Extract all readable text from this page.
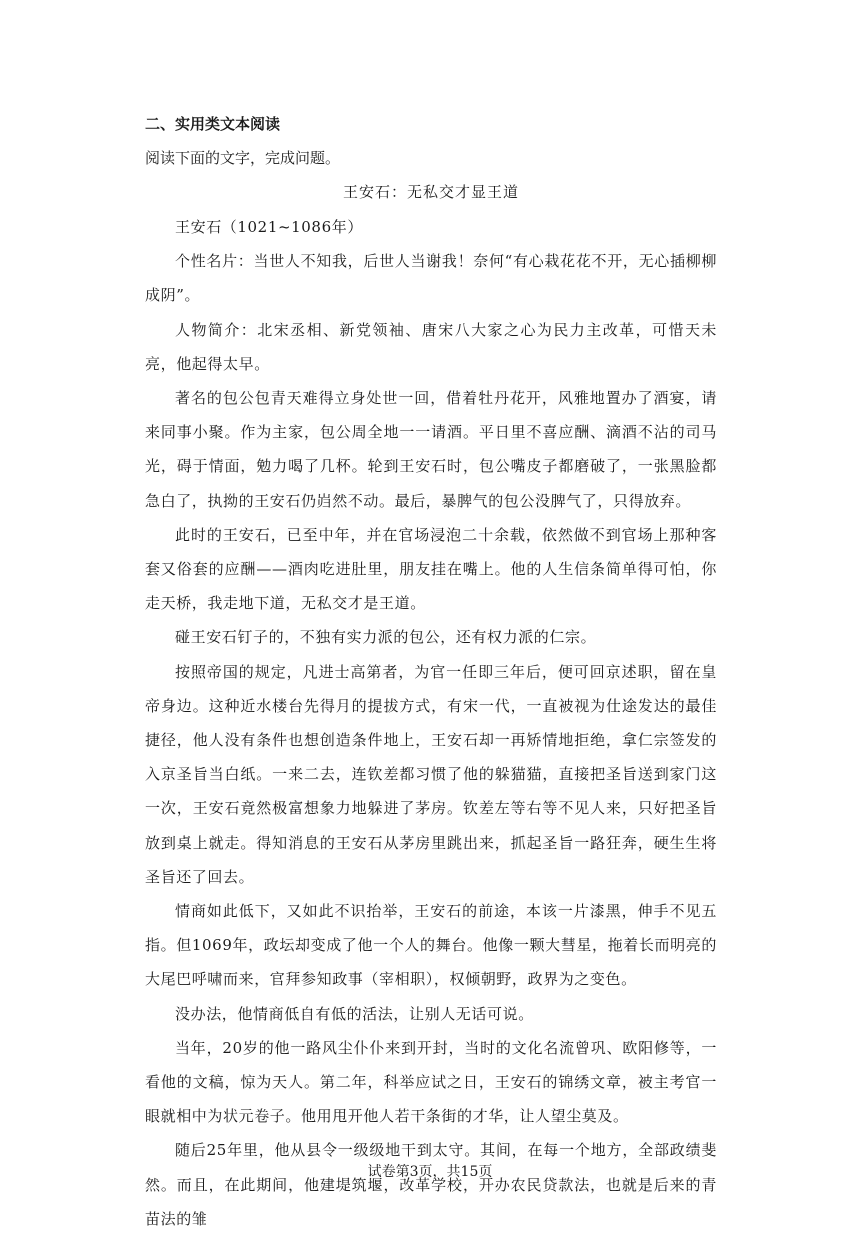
二、实用类文本阅读
阅读下面的文字，完成问题。
王安石：无私交才显王道
王安石（1021~1086年）
个性名片：当世人不知我，后世人当谢我！奈何“有心栽花花不开，无心插柳柳成阴”。
人物简介：北宋丞相、新党领袖、唐宋八大家之心为民力主改革，可惜天未亮，他起得太早。
著名的包公包青天难得立身处世一回，借着牡丹花开，风雅地置办了酒宴，请来同事小聚。作为主家，包公周全地一一请酒。平日里不喜应酬、滴酒不沾的司马光，碍于情面，勉力喝了几杯。轮到王安石时，包公嘴皮子都磨破了，一张黑脸都急白了，执拗的王安石仍岿然不动。最后，暴脾气的包公没脾气了，只得放弃。
此时的王安石，已至中年，并在官场浸泡二十余载，依然做不到官场上那种客套又俗套的应酬——酒肉吃进肚里，朋友挂在嘴上。他的人生信条简单得可怕，你走天桥，我走地下道，无私交才是王道。
碰王安石钉子的，不独有实力派的包公，还有权力派的仁宗。
按照帝国的规定，凡进士高第者，为官一任即三年后，便可回京述职，留在皇帝身边。这种近水楼台先得月的提拔方式，有宋一代，一直被视为仕途发达的最佳捷径，他人没有条件也想创造条件地上，王安石却一再矫情地拒绝，拿仁宗签发的入京圣旨当白纸。一来二去，连钦差都习惯了他的躲猫猫，直接把圣旨送到家门这一次，王安石竟然极富想象力地躲进了茅房。钦差左等右等不见人来，只好把圣旨放到桌上就走。得知消息的王安石从茅房里跳出来，抓起圣旨一路狂奔，硬生生将圣旨还了回去。
情商如此低下，又如此不识抬举，王安石的前途，本该一片漆黑，伸手不见五指。但1069年，政坛却变成了他一个人的舞台。他像一颗大彗星，拖着长而明亮的大尾巴呼啸而来，官拜参知政事（宰相职），权倾朝野，政界为之变色。
没办法，他情商低自有低的活法，让别人无话可说。
当年，20岁的他一路风尘仆仆来到开封，当时的文化名流曾巩、欧阳修等，一看他的文稿，惊为天人。第二年，科举应试之日，王安石的锦绣文章，被主考官一眼就相中为状元卷子。他用甩开他人若干条街的才华，让人望尘莫及。
随后25年里，他从县令一级级地干到太守。其间，在每一个地方，全部政绩斐然。而且，在此期间，他建堤筑堰，改革学校，开办农民贷款法，也就是后来的青苗法的雏
试卷第3页，共15页
